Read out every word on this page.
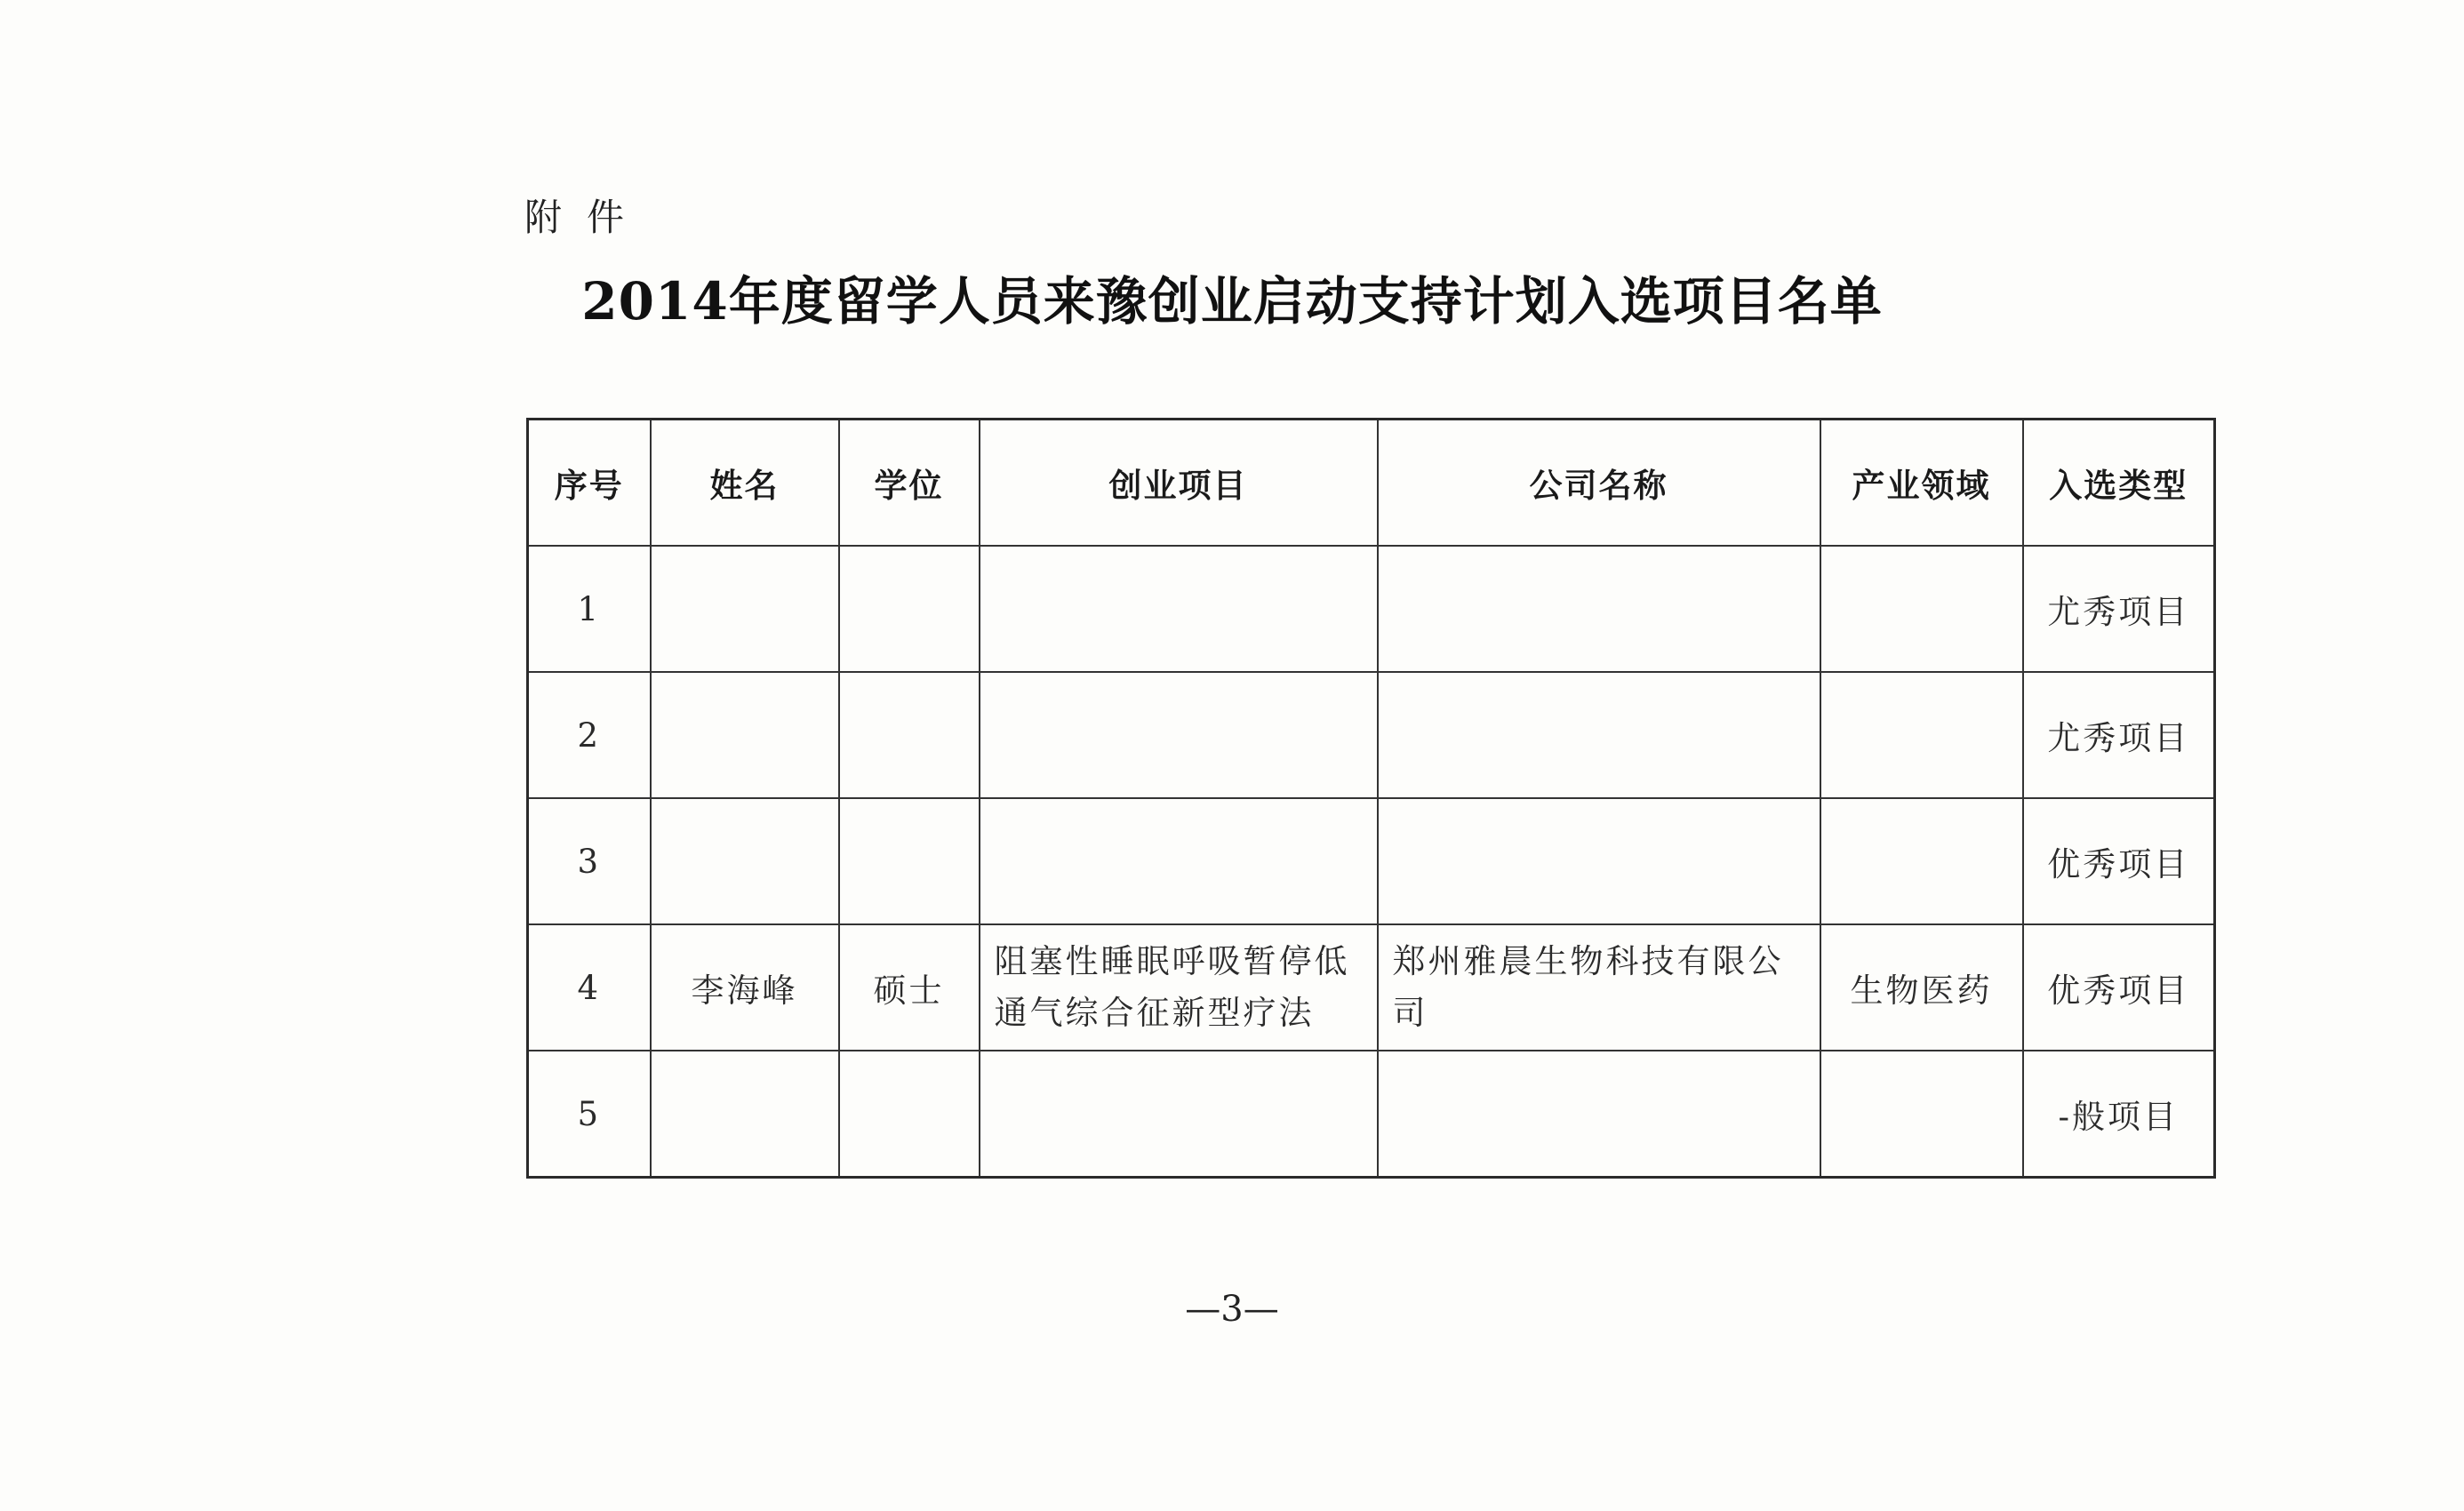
附件
2014年度留学人员来豫创业启动支持计划入选项目名单
序号	姓名	学位	创业项目	公司名称	产业领域	入选类型
1						尤秀项目
2						尤秀项目
3						优秀项目
4	李海峰	硕士	阻塞性睡眠呼吸暂停低通气综合征新型疗法	郑州雅晨生物科技有限公司	生物医药	优秀项目
5						-般项目
—3—
